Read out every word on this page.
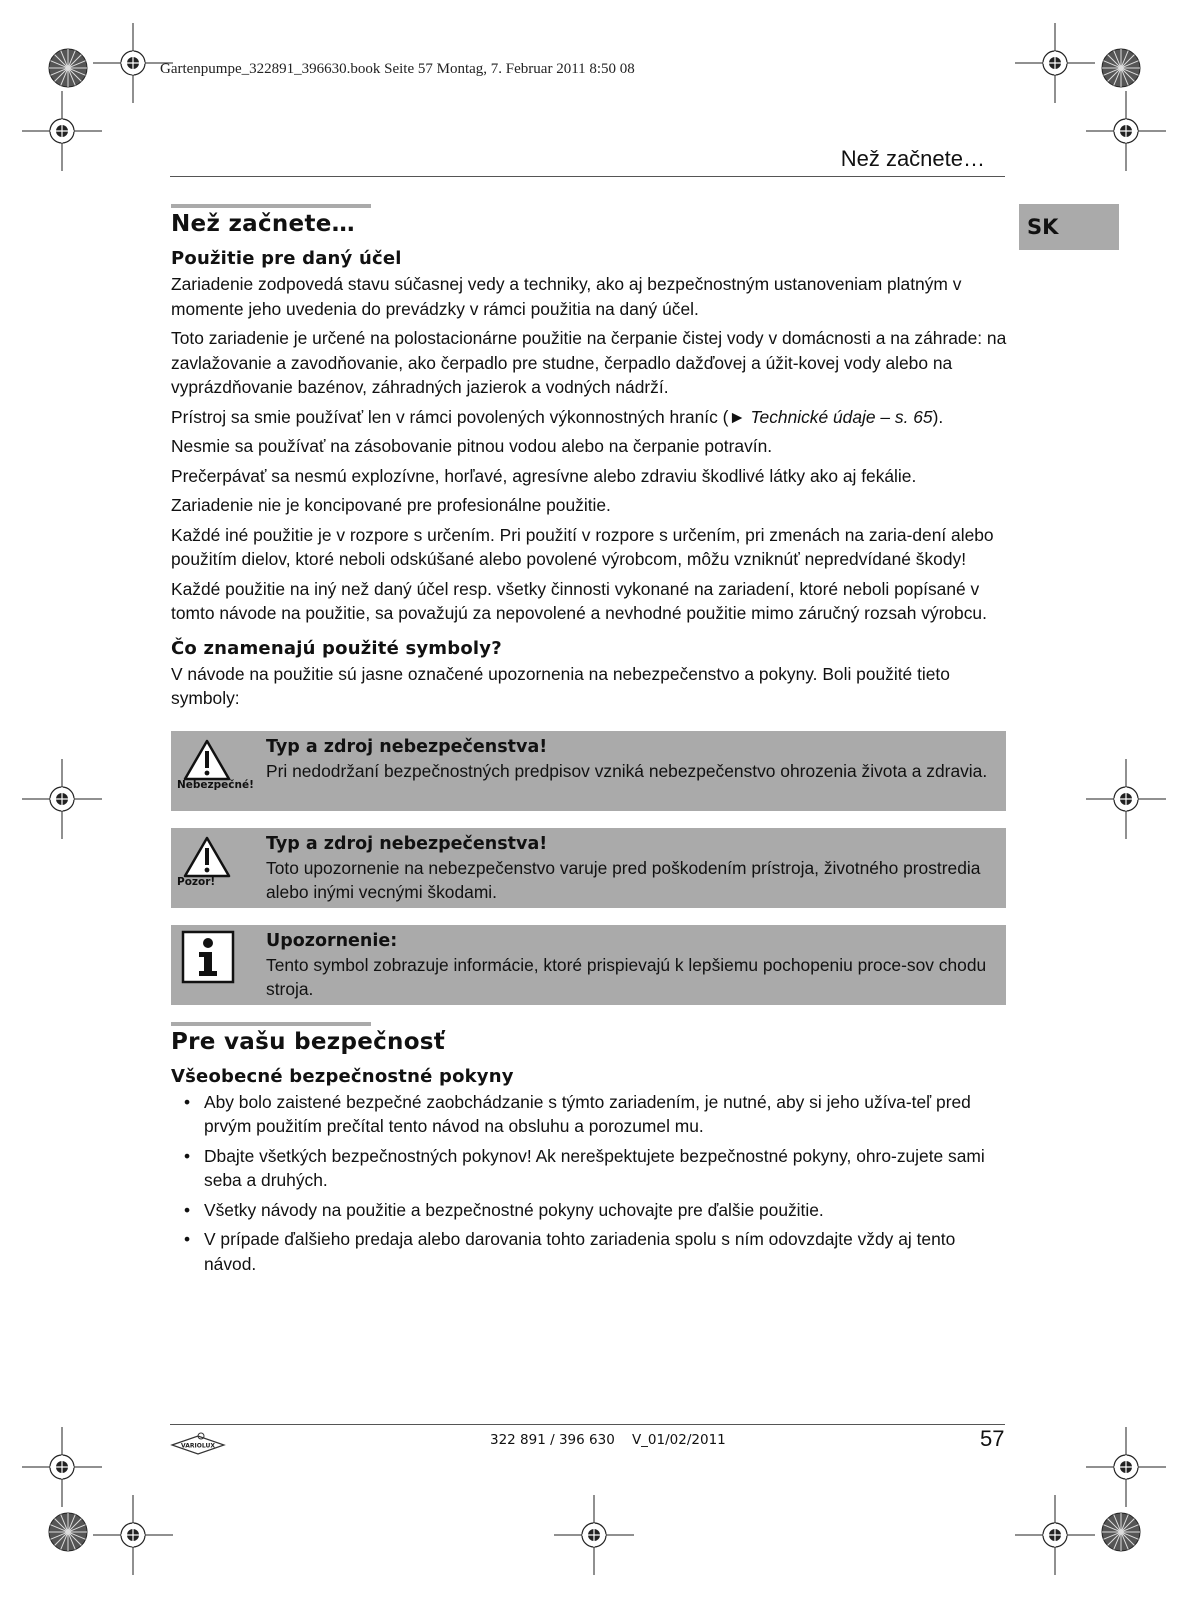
Gartenpumpe_322891_396630.book Seite 57 Montag, 7. Februar 2011 8:50 08
Než začnete…
SK
Než začnete…
Použitie pre daný účel

Zariadenie zodpovedá stavu súčasnej vedy a techniky, ako aj bezpečnostným ustanoveniam platným v momente jeho uvedenia do prevádzky v rámci použitia na daný účel.

Toto zariadenie je určené na polostacionárne použitie na čerpanie čistej vody v domácnosti a na záhrade: na zavlažovanie a zavodňovanie, ako čerpadlo pre studne, čerpadlo dažďovej a úžit-kovej vody alebo na vyprázdňovanie bazénov, záhradných jazierok a vodných nádrží.

Prístroj sa smie používať len v rámci povolených výkonnostných hraníc (► Technické údaje – s. 65).

Nesmie sa používať na zásobovanie pitnou vodou alebo na čerpanie potravín.

Prečerpávať sa nesmú explozívne, horľavé, agresívne alebo zdraviu škodlivé látky ako aj fekálie.

Zariadenie nie je koncipované pre profesionálne použitie.

Každé iné použitie je v rozpore s určením. Pri použití v rozpore s určením, pri zmenách na zaria-dení alebo použitím dielov, ktoré neboli odskúšané alebo povolené výrobcom, môžu vzniknúť nepredvídané škody!

Každé použitie na iný než daný účel resp. všetky činnosti vykonané na zariadení, ktoré neboli popísané v tomto návode na použitie, sa považujú za nepovolené a nevhodné použitie mimo záručný rozsah výrobcu.

Čo znamenajú použité symboly?

V návode na použitie sú jasne označené upozornenia na nebezpečenstvo a pokyny. Boli použité tieto symboly:

Nebezpečné!
Typ a zdroj nebezpečenstva!
Pri nedodržaní bezpečnostných predpisov vzniká nebezpečenstvo ohrozenia života a zdravia.
Pozor!
Typ a zdroj nebezpečenstva!
Toto upozornenie na nebezpečenstvo varuje pred poškodením prístroja, životného prostredia alebo inými vecnými škodami.
Upozornenie:
Tento symbol zobrazuje informácie, ktoré prispievajú k lepšiemu pochopeniu proce-sov chodu stroja.
Pre vašu bezpečnosť
Všeobecné bezpečnostné pokyny
• Aby bolo zaistené bezpečné zaobchádzanie s týmto zariadením, je nutné, aby si jeho užíva-teľ pred prvým použitím prečítal tento návod na obsluhu a porozumel mu.
• Dbajte všetkých bezpečnostných pokynov! Ak nerešpektujete bezpečnostné pokyny, ohro-zujete sami seba a druhých.
• Všetky návody na použitie a bezpečnostné pokyny uchovajte pre ďalšie použitie.
• V prípade ďalšieho predaja alebo darovania tohto zariadenia spolu s ním odovzdajte vždy aj tento návod.
VARIOLUX	322 891 / 396 630    V_01/02/2011	57
